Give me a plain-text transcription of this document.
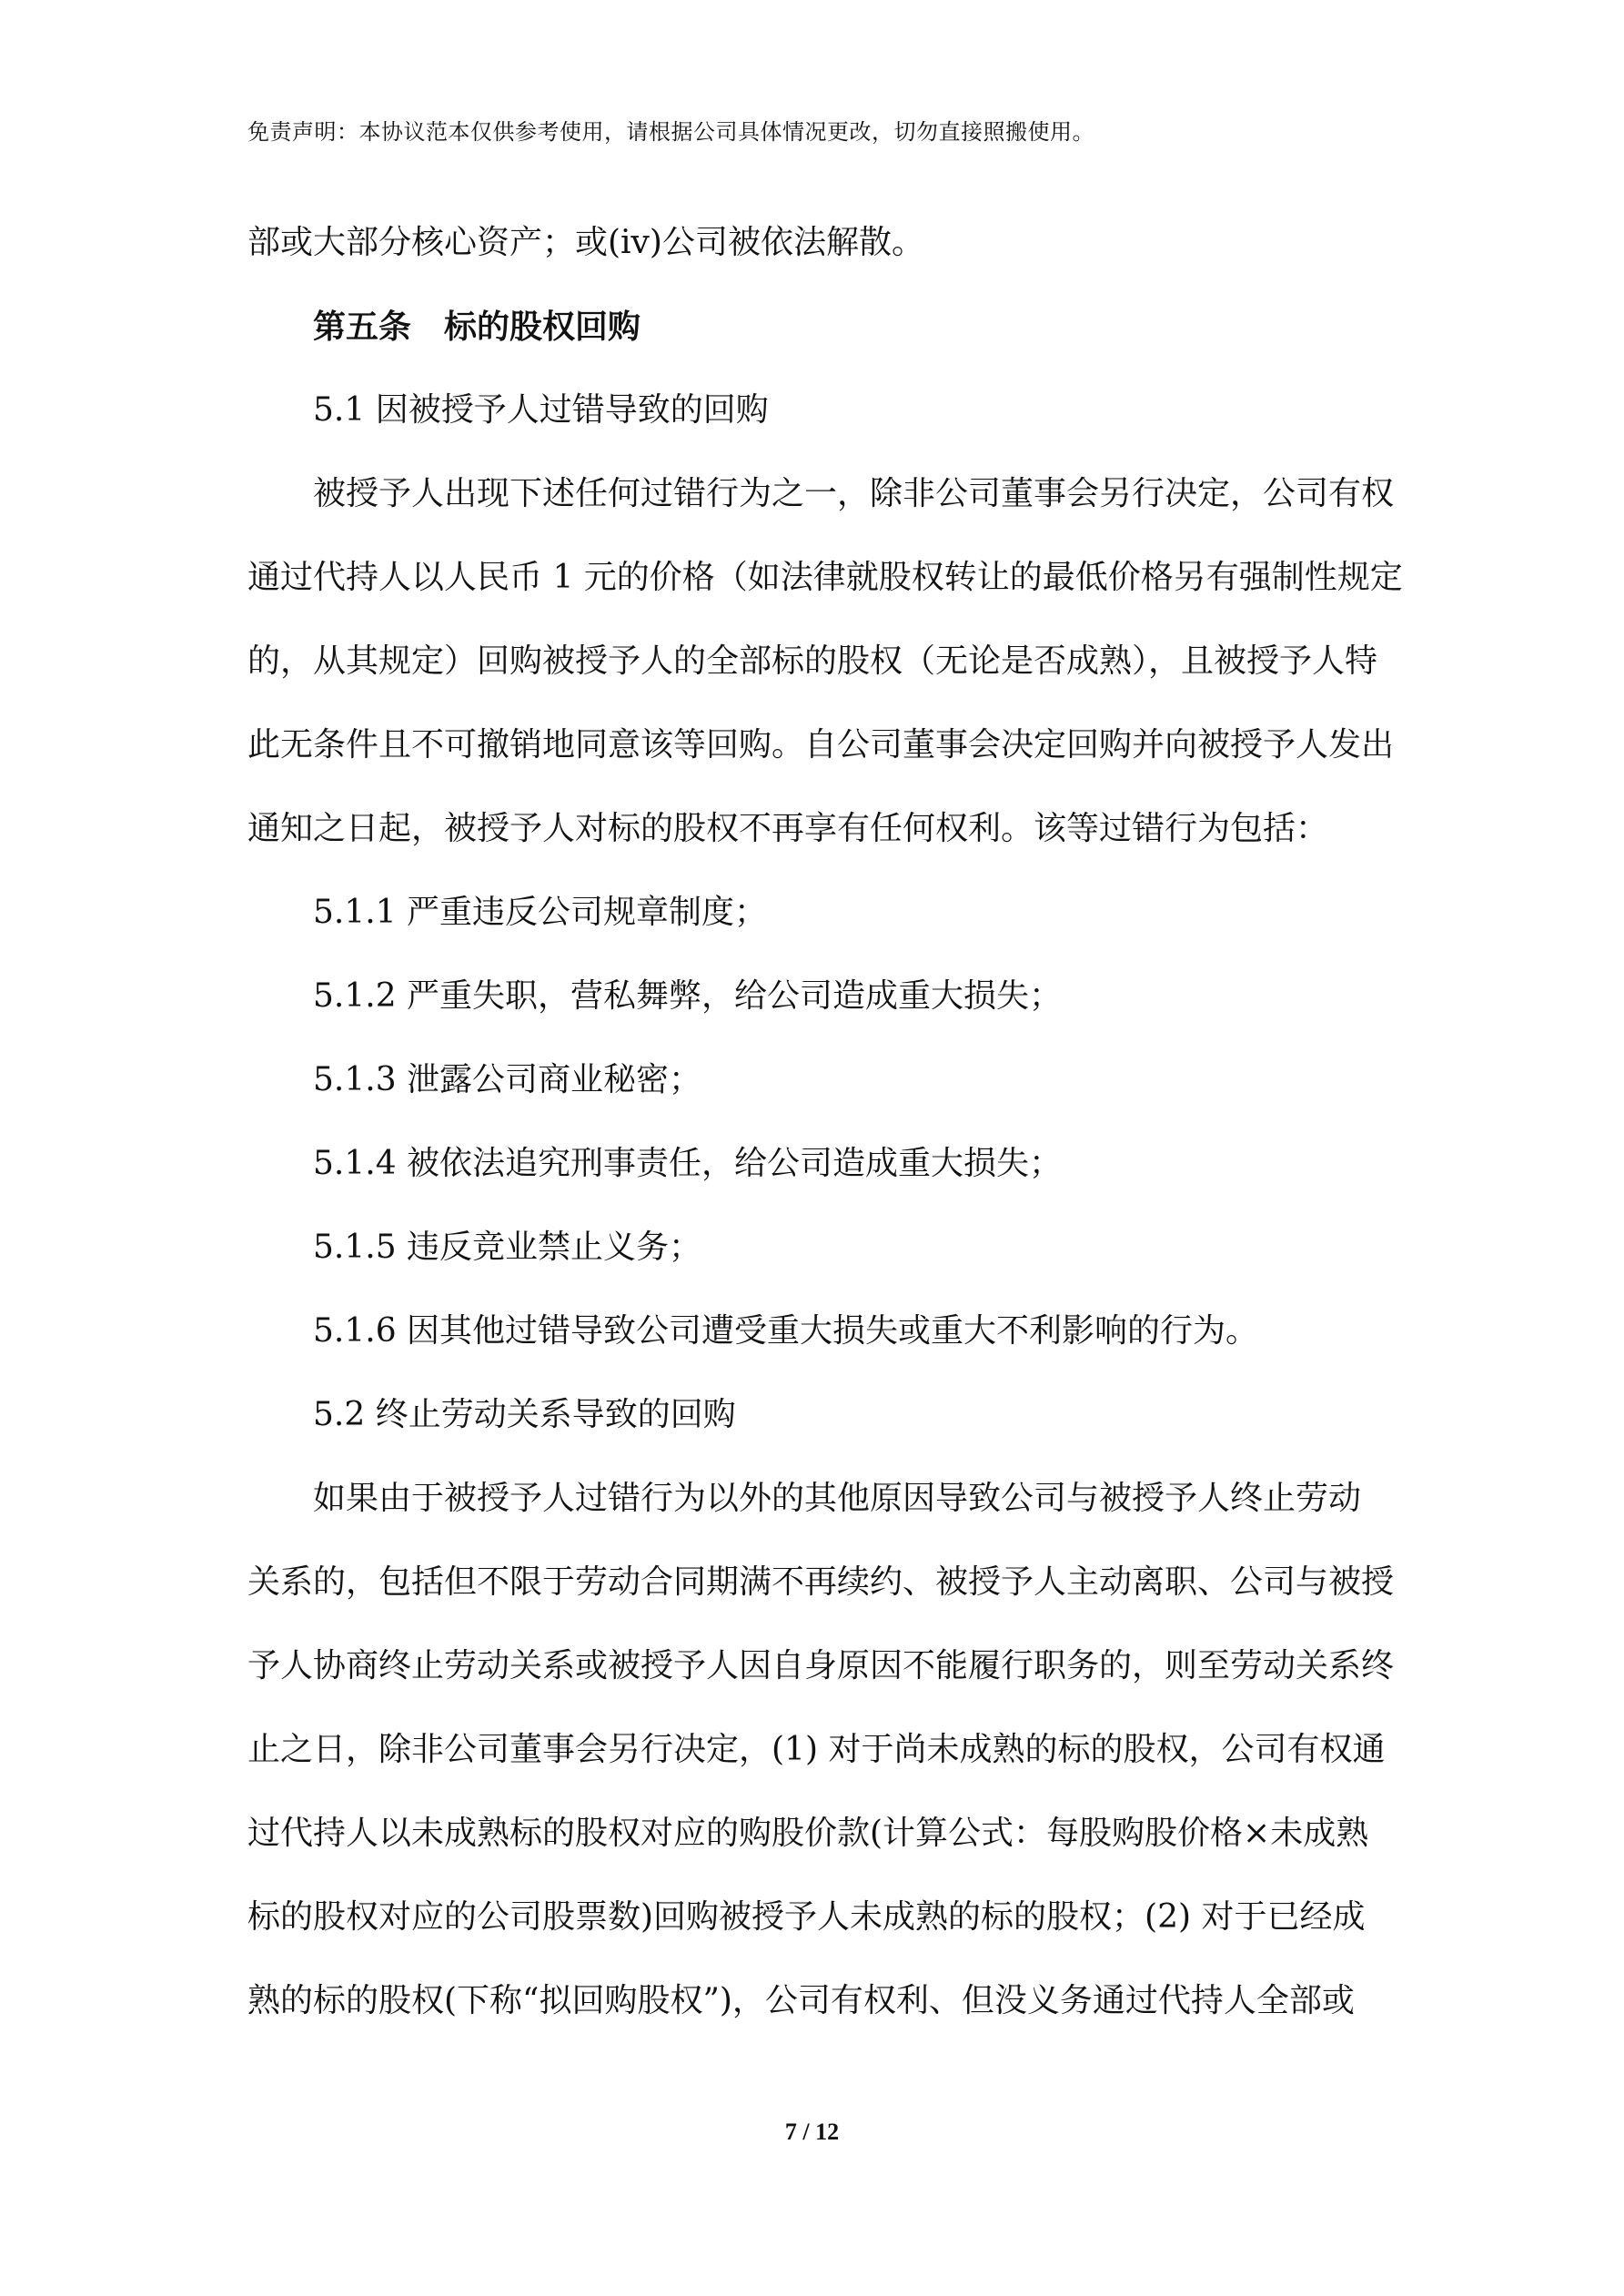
免责声明：本协议范本仅供参考使用，请根据公司具体情况更改，切勿直接照搬使用。
部或大部分核心资产；或(iv)公司被依法解散。
第五条　标的股权回购
5.1 因被授予人过错导致的回购
被授予人出现下述任何过错行为之一，除非公司董事会另行决定，公司有权
通过代持人以人民币 1 元的价格（如法律就股权转让的最低价格另有强制性规定
的，从其规定）回购被授予人的全部标的股权（无论是否成熟），且被授予人特
此无条件且不可撤销地同意该等回购。自公司董事会决定回购并向被授予人发出
通知之日起，被授予人对标的股权不再享有任何权利。该等过错行为包括：
5.1.1 严重违反公司规章制度；
5.1.2 严重失职，营私舞弊，给公司造成重大损失；
5.1.3 泄露公司商业秘密；
5.1.4 被依法追究刑事责任，给公司造成重大损失；
5.1.5 违反竞业禁止义务；
5.1.6 因其他过错导致公司遭受重大损失或重大不利影响的行为。
5.2 终止劳动关系导致的回购
如果由于被授予人过错行为以外的其他原因导致公司与被授予人终止劳动
关系的，包括但不限于劳动合同期满不再续约、被授予人主动离职、公司与被授
予人协商终止劳动关系或被授予人因自身原因不能履行职务的，则至劳动关系终
止之日，除非公司董事会另行决定，(1) 对于尚未成熟的标的股权，公司有权通
过代持人以未成熟标的股权对应的购股价款(计算公式：每股购股价格×未成熟
标的股权对应的公司股票数)回购被授予人未成熟的标的股权；(2) 对于已经成
熟的标的股权(下称“拟回购股权”)，公司有权利、但没义务通过代持人全部或
7 / 12
